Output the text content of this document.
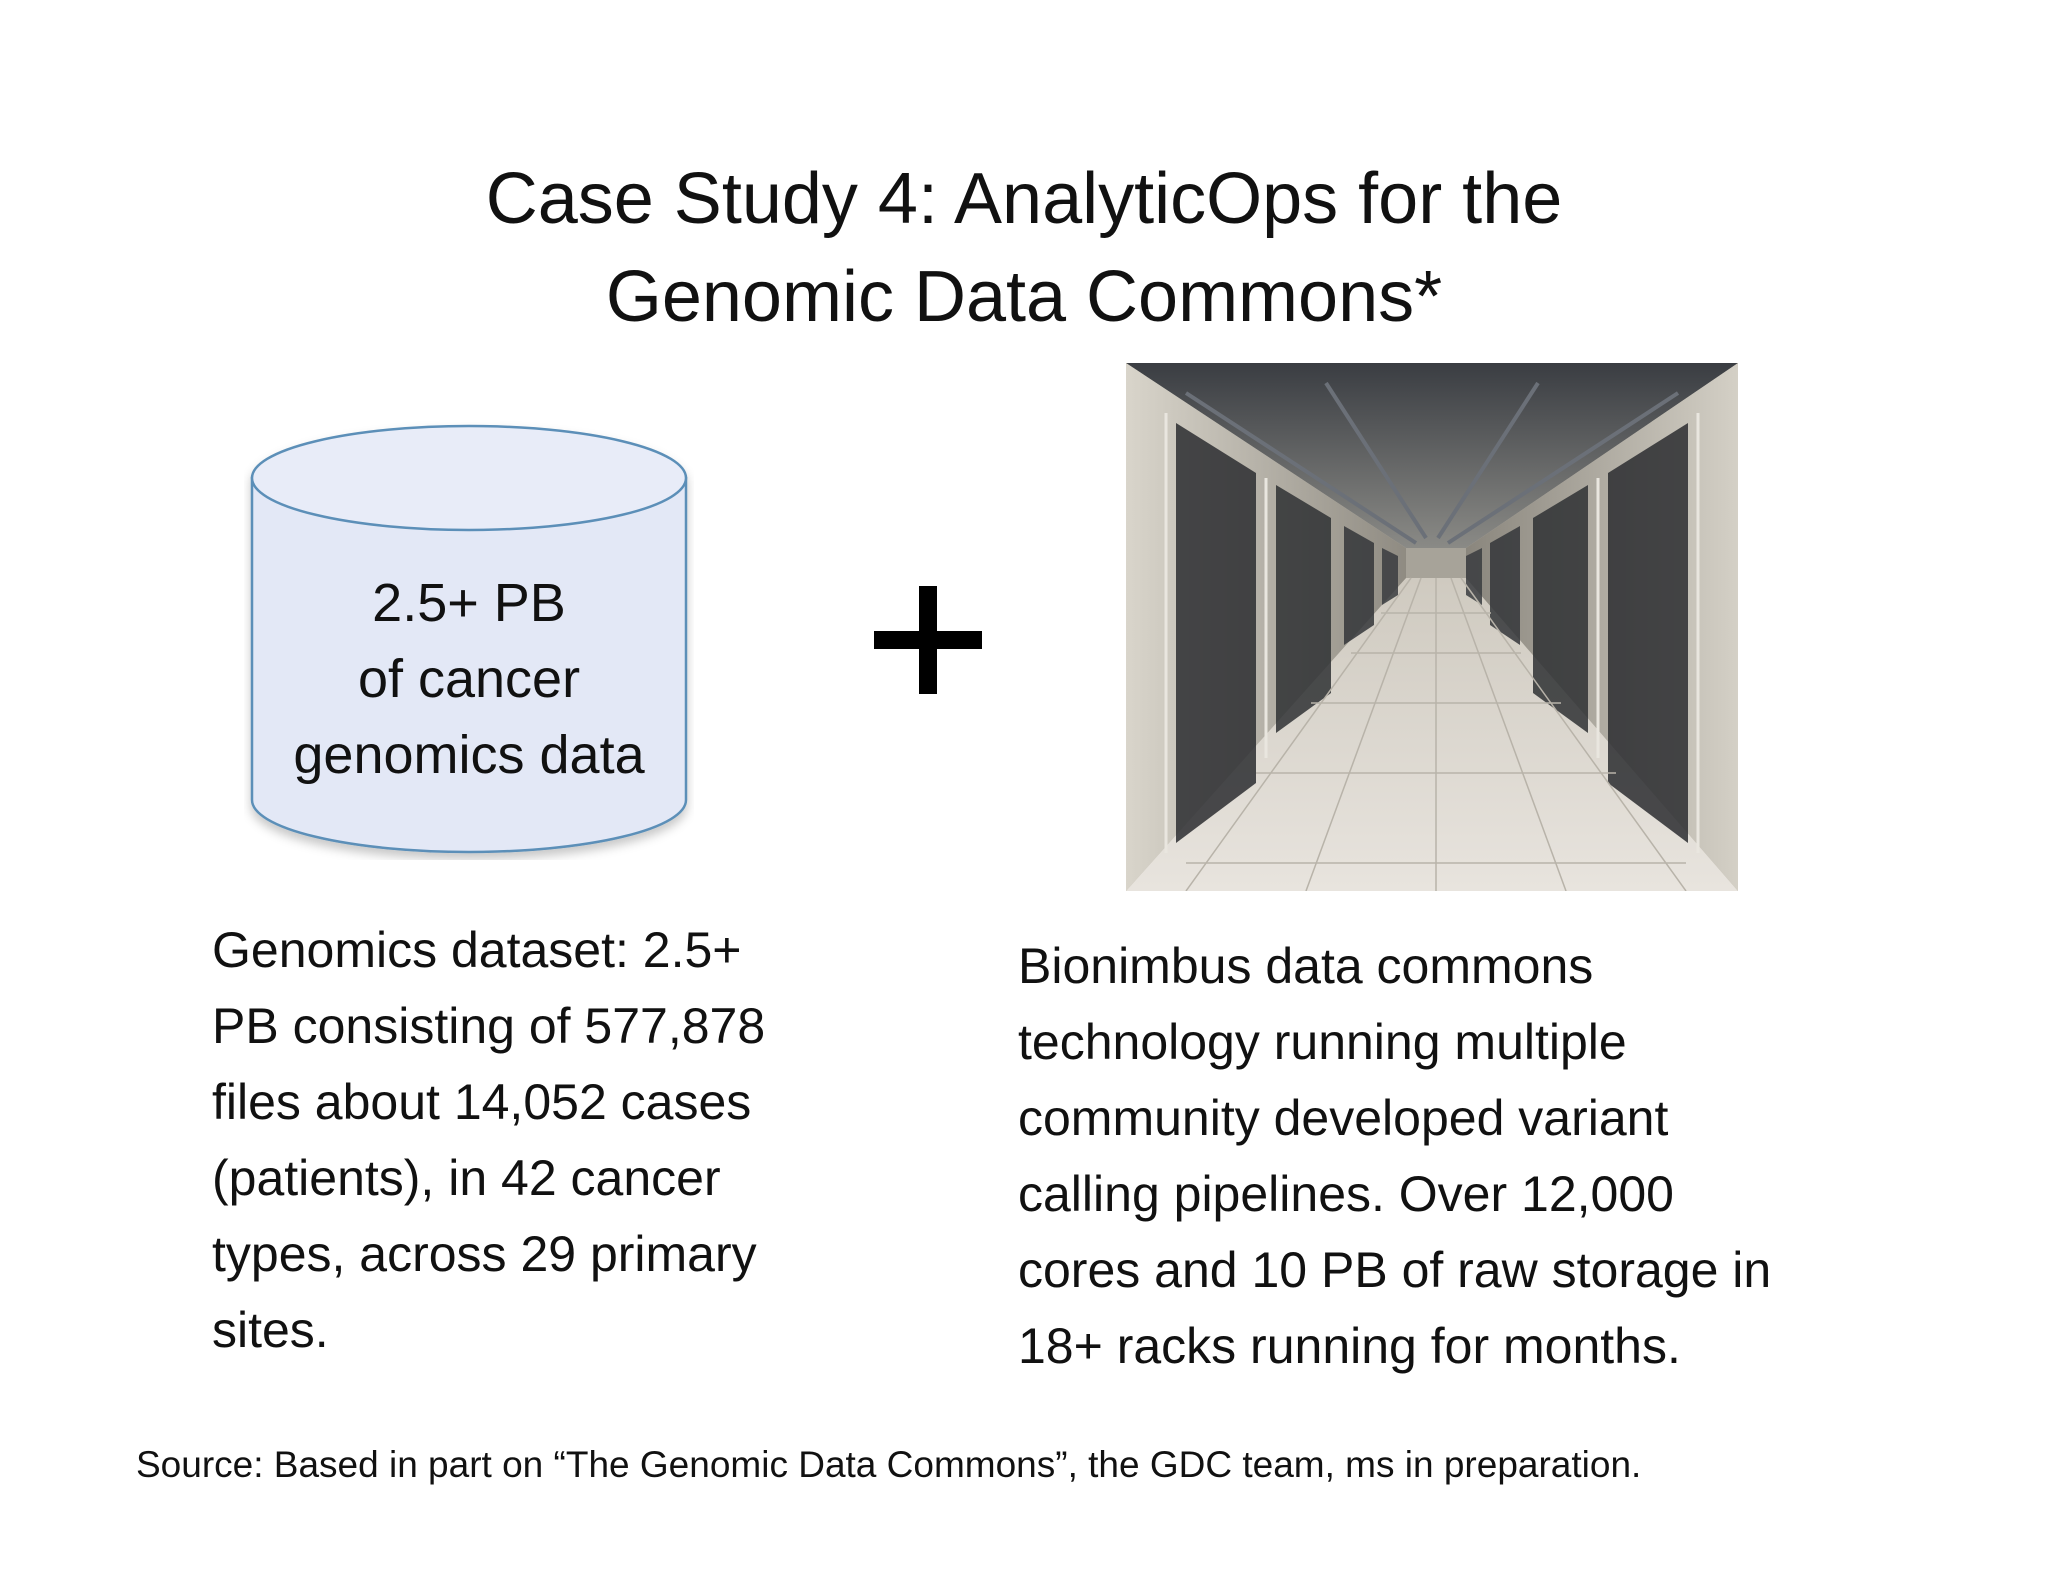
Case Study 4: AnalyticOps for the
Genomic Data Commons*
2.5+ PB
of cancer
genomics data
Genomics dataset: 2.5+
PB consisting of 577,878
files about 14,052 cases
(patients), in 42 cancer
types, across 29 primary
sites.
Bionimbus data commons
technology running multiple
community developed variant
calling pipelines. Over 12,000
cores and 10 PB of raw storage in
18+ racks running for months.
Source: Based in part on “The Genomic Data Commons”, the GDC team, ms in preparation.
